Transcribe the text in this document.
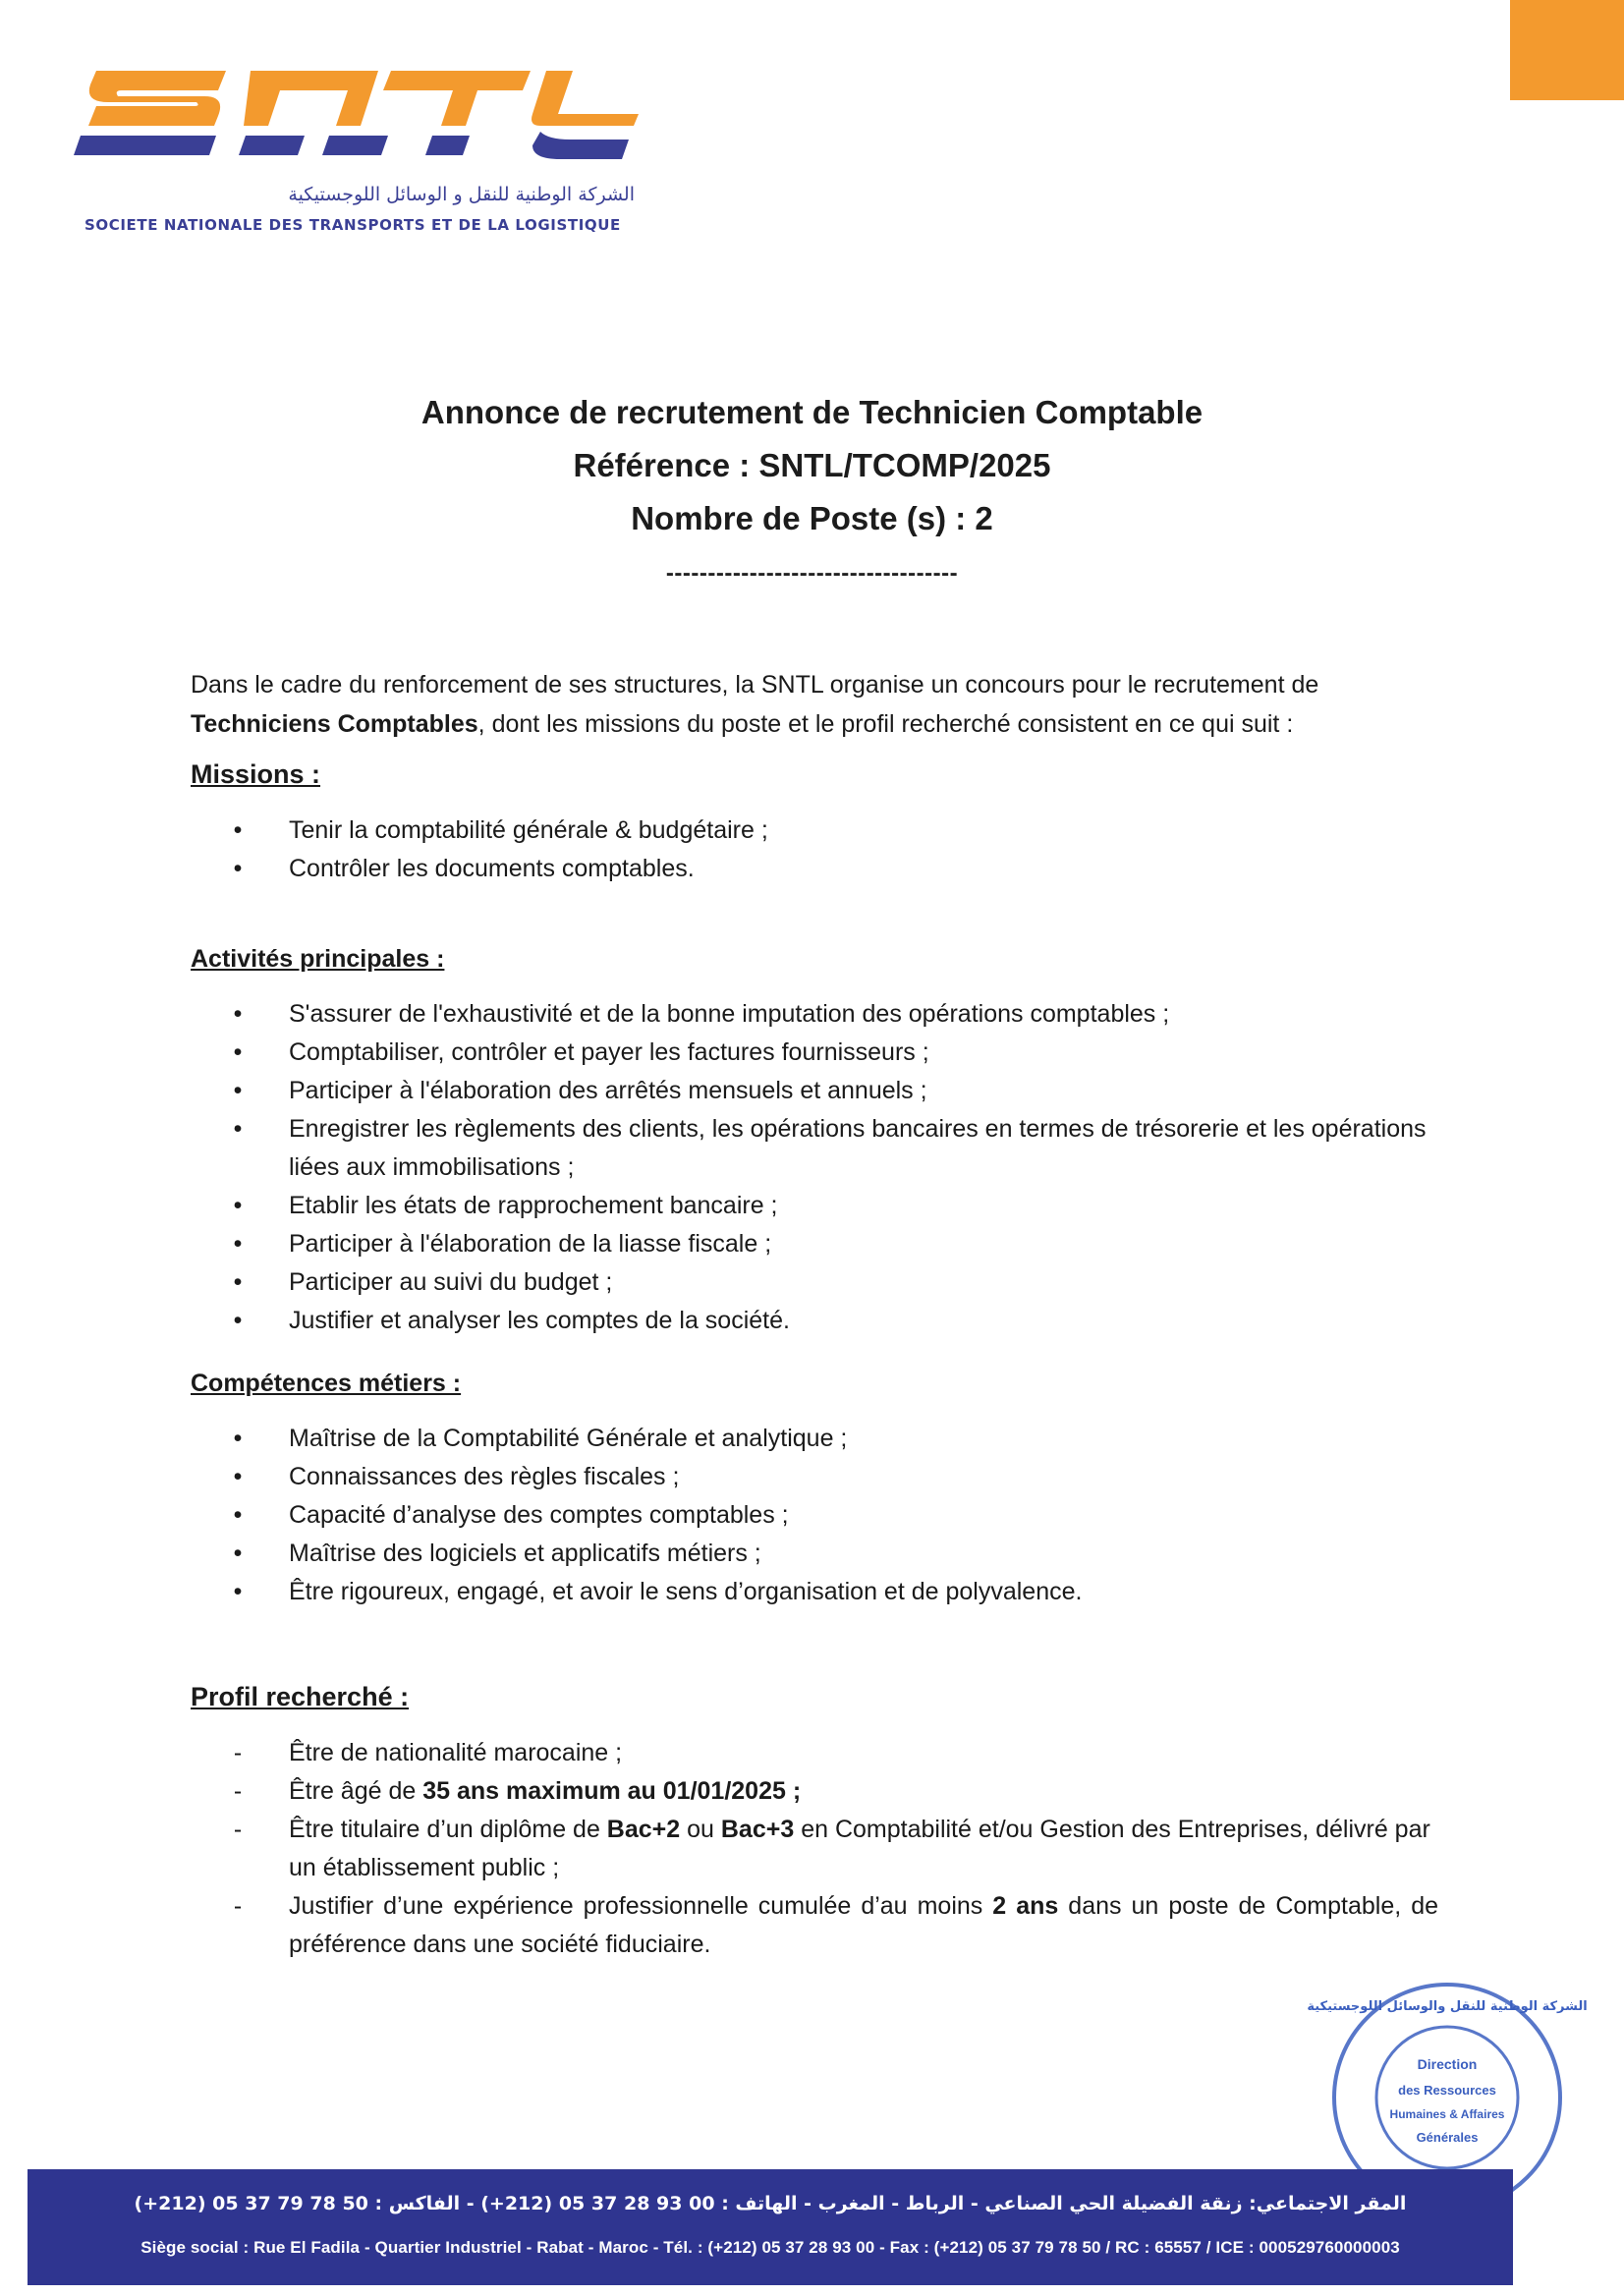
الشركة الوطنية للنقل و الوسائل اللوجستيكية
SOCIETE NATIONALE DES TRANSPORTS ET DE LA LOGISTIQUE
Annonce de recrutement de Technicien Comptable
Référence : SNTL/TCOMP/2025
Nombre de Poste (s) : 2
-----------------------------------

Dans le cadre du renforcement de ses structures, la SNTL organise un concours pour le recrutement de Techniciens Comptables, dont les missions du poste et le profil recherché consistent en ce qui suit :

Missions :
• Tenir la comptabilité générale & budgétaire ;
• Contrôler les documents comptables.
Activités principales :
• S'assurer de l'exhaustivité et de la bonne imputation des opérations comptables ;
• Comptabiliser, contrôler et payer les factures fournisseurs ;
• Participer à l'élaboration des arrêtés mensuels et annuels ;
• Enregistrer les règlements des clients, les opérations bancaires en termes de trésorerie et les opérations liées aux immobilisations ;
• Etablir les états de rapprochement bancaire ;
• Participer à l'élaboration de la liasse fiscale ;
• Participer au suivi du budget ;
• Justifier et analyser les comptes de la société.
Compétences métiers :
• Maîtrise de la Comptabilité Générale et analytique ;
• Connaissances des règles fiscales ;
• Capacité d’analyse des comptes comptables ;
• Maîtrise des logiciels et applicatifs métiers ;
• Être rigoureux, engagé, et avoir le sens d’organisation et de polyvalence.
Profil recherché :
- Être de nationalité marocaine ;
- Être âgé de 35 ans maximum au 01/01/2025 ;
- Être titulaire d’un diplôme de Bac+2 ou Bac+3 en Comptabilité et/ou Gestion des Entreprises, délivré par un établissement public ;
- Justifier d’une expérience professionnelle cumulée d’au moins 2 ans dans un poste de Comptable, de préférence dans une société fiduciaire.
Direction
des Ressources
Humaines & Affaires
Générales
الشركة الوطنية للنقل والوسائل اللوجستيكية
المقر الاجتماعي: زنقة الفضيلة الحي الصناعي - الرباط - المغرب - الهاتف : 00 93 28 37 05 (212+) - الفاكس : 50 78 79 37 05 (212+)
Siège social : Rue El Fadila - Quartier Industriel - Rabat - Maroc - Tél. : (+212) 05 37 28 93 00 - Fax : (+212) 05 37 79 78 50 / RC : 65557 / ICE : 000529760000003
